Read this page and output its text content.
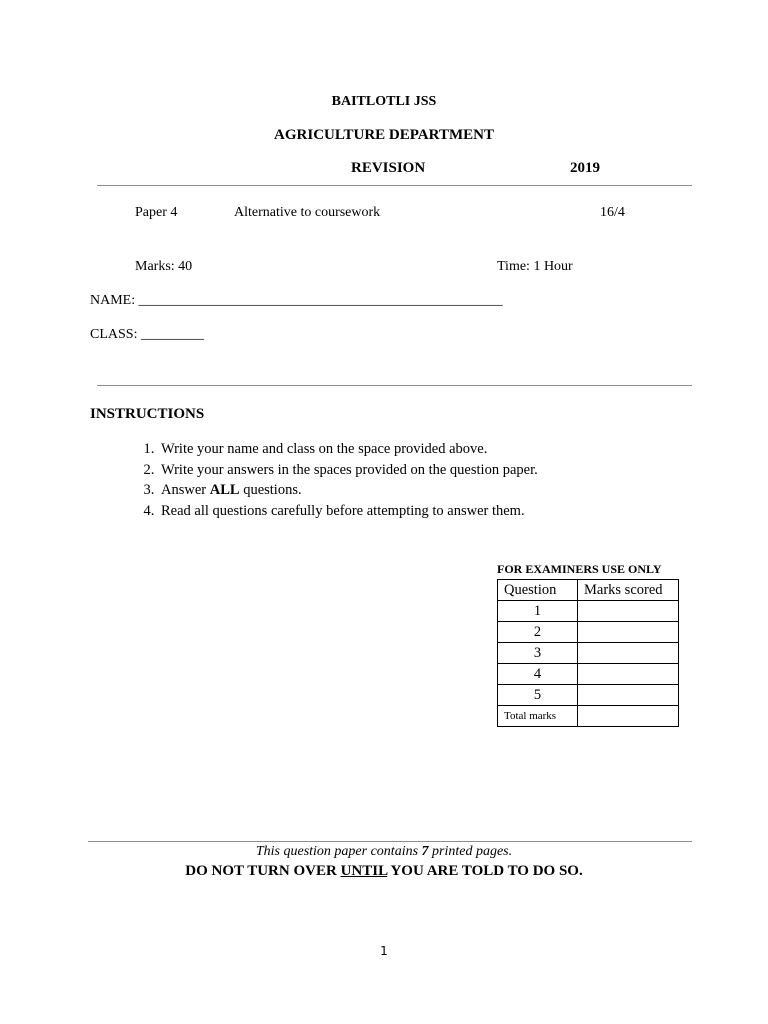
BAITLOTLI JSS
AGRICULTURE DEPARTMENT
REVISION	2019
Paper 4	Alternative to coursework	16/4
Marks: 40	Time: 1 Hour
NAME: ____________________________________________________
CLASS: _________
INSTRUCTIONS
1. Write your name and class on the space provided above.
2. Write your answers in the spaces provided on the question paper.
3. Answer ALL questions.
4. Read all questions carefully before attempting to answer them.
FOR EXAMINERS USE ONLY
Question	Marks scored
1	
2	
3	
4	
5	
Total marks	
This question paper contains 7 printed pages.
DO NOT TURN OVER UNTIL YOU ARE TOLD TO DO SO.
1
